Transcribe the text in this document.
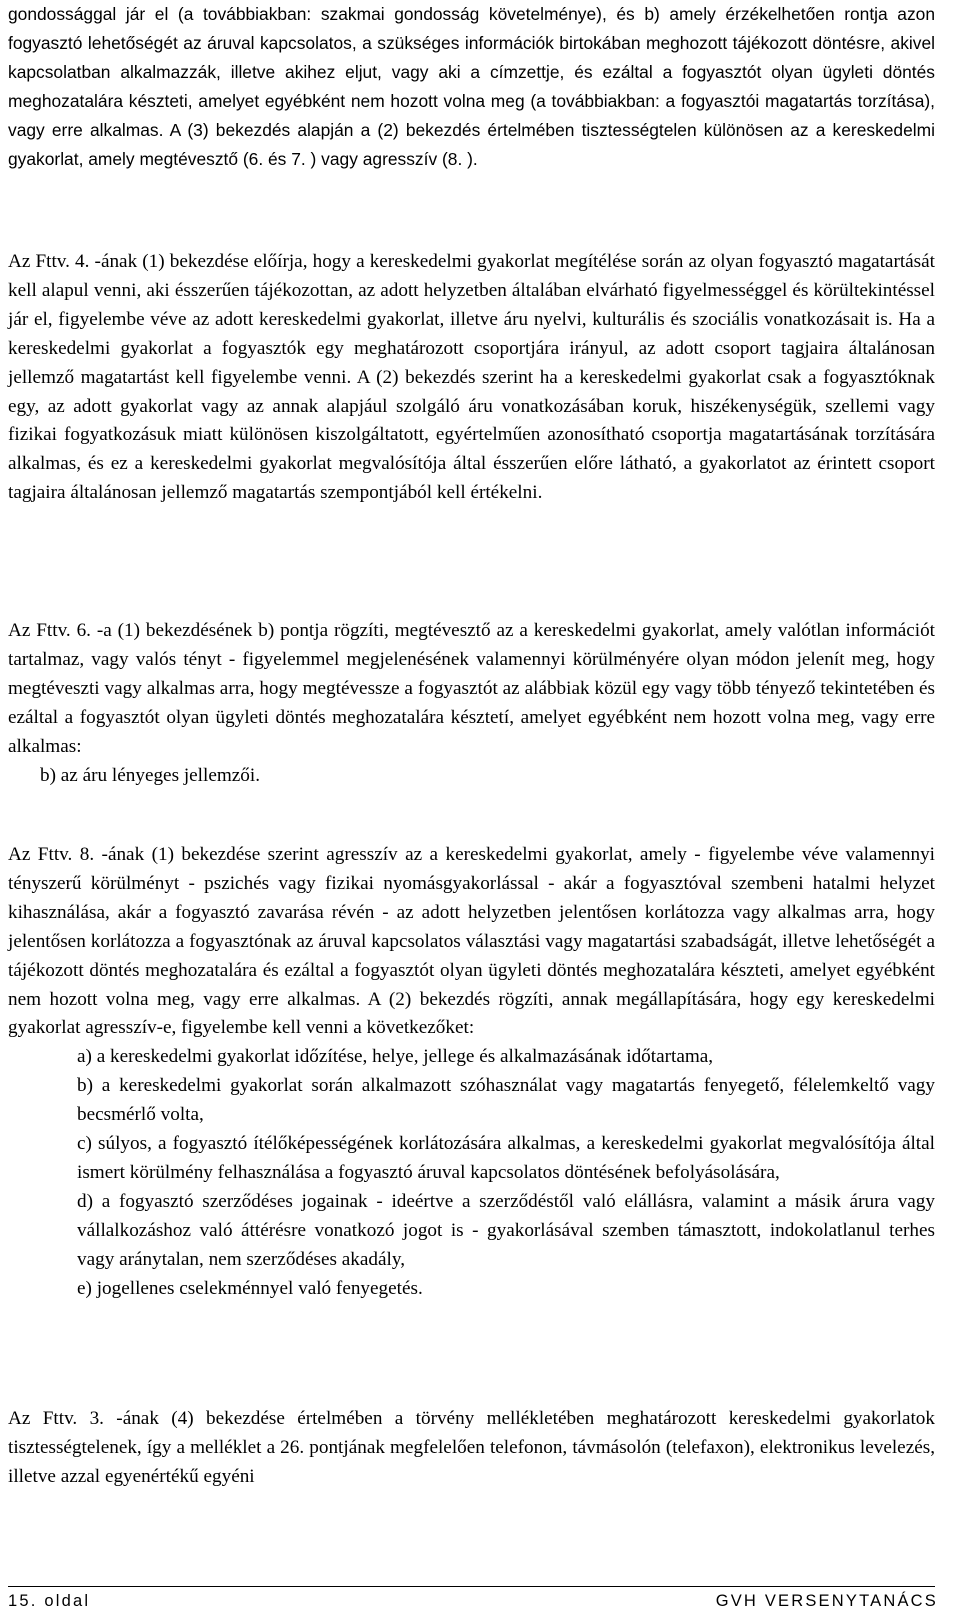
gondossággal jár el (a továbbiakban: szakmai gondosság követelménye), és b) amely érzékelhetően rontja azon fogyasztó lehetőségét az áruval kapcsolatos, a szükséges információk birtokában meghozott tájékozott döntésre, akivel kapcsolatban alkalmazzák, illetve akihez eljut, vagy aki a címzettje, és ezáltal a fogyasztót olyan ügyleti döntés meghozatalára készteti, amelyet egyébként nem hozott volna meg (a továbbiakban: a fogyasztói magatartás torzítása), vagy erre alkalmas. A (3) bekezdés alapján a (2) bekezdés értelmében tisztességtelen különösen az a kereskedelmi gyakorlat, amely megtévesztő (6. és 7. ) vagy agresszív (8. ).

Az Fttv. 4. -ának (1) bekezdése előírja, hogy a kereskedelmi gyakorlat megítélése során az olyan fogyasztó magatartását kell alapul venni, aki ésszerűen tájékozottan, az adott helyzetben általában elvárható figyelmességgel és körültekintéssel jár el, figyelembe véve az adott kereskedelmi gyakorlat, illetve áru nyelvi, kulturális és szociális vonatkozásait is. Ha a kereskedelmi gyakorlat a fogyasztók egy meghatározott csoportjára irányul, az adott csoport tagjaira általánosan jellemző magatartást kell figyelembe venni. A (2) bekezdés szerint ha a kereskedelmi gyakorlat csak a fogyasztóknak egy, az adott gyakorlat vagy az annak alapjául szolgáló áru vonatkozásában koruk, hiszékenységük, szellemi vagy fizikai fogyatkozásuk miatt különösen kiszolgáltatott, egyértelműen azonosítható csoportja magatartásának torzítására alkalmas, és ez a kereskedelmi gyakorlat megvalósítója által ésszerűen előre látható, a gyakorlatot az érintett csoport tagjaira általánosan jellemző magatartás szempontjából kell értékelni.

Az Fttv. 6. -a (1) bekezdésének b) pontja rögzíti, megtévesztő az a kereskedelmi gyakorlat, amely valótlan információt tartalmaz, vagy valós tényt - figyelemmel megjelenésének valamennyi körülményére olyan módon jelenít meg, hogy megtéveszti vagy alkalmas arra, hogy megtévessze a fogyasztót az alábbiak közül egy vagy több tényező tekintetében és ezáltal a fogyasztót olyan ügyleti döntés meghozatalára késztetí, amelyet egyébként nem hozott volna meg, vagy erre alkalmas:
b) az áru lényeges jellemzői.

Az Fttv. 8. -ának (1) bekezdése szerint agresszív az a kereskedelmi gyakorlat, amely - figyelembe véve valamennyi tényszerű körülményt - pszichés vagy fizikai nyomásgyakorlással - akár a fogyasztóval szembeni hatalmi helyzet kihasználása, akár a fogyasztó zavarása révén - az adott helyzetben jelentősen korlátozza vagy alkalmas arra, hogy jelentősen korlátozza a fogyasztónak az áruval kapcsolatos választási vagy magatartási szabadságát, illetve lehetőségét a tájékozott döntés meghozatalára és ezáltal a fogyasztót olyan ügyleti döntés meghozatalára készteti, amelyet egyébként nem hozott volna meg, vagy erre alkalmas. A (2) bekezdés rögzíti, annak megállapítására, hogy egy kereskedelmi gyakorlat agresszív-e, figyelembe kell venni a következőket:
a) a kereskedelmi gyakorlat időzítése, helye, jellege és alkalmazásának időtartama,
b) a kereskedelmi gyakorlat során alkalmazott szóhasználat vagy magatartás fenyegető, félelemkeltő vagy becsmérlő volta,
c) súlyos, a fogyasztó ítélőképességének korlátozására alkalmas, a kereskedelmi gyakorlat megvalósítója által ismert körülmény felhasználása a fogyasztó áruval kapcsolatos döntésének befolyásolására,
d) a fogyasztó szerződéses jogainak - ideértve a szerződéstől való elállásra, valamint a másik árura vagy vállalkozáshoz való áttérésre vonatkozó jogot is - gyakorlásával szemben támasztott, indokolatlanul terhes vagy aránytalan, nem szerződéses akadály,
e) jogellenes cselekménnyel való fenyegetés.

Az Fttv. 3. -ának (4) bekezdése értelmében a törvény mellékletében meghatározott kereskedelmi gyakorlatok tisztességtelenek, így a melléklet a 26. pontjának megfelelően telefonon, távmásolón (telefaxon), elektronikus levelezés, illetve azzal egyenértékű egyéni

15. oldal	GVH VERSENYTANÁCS
